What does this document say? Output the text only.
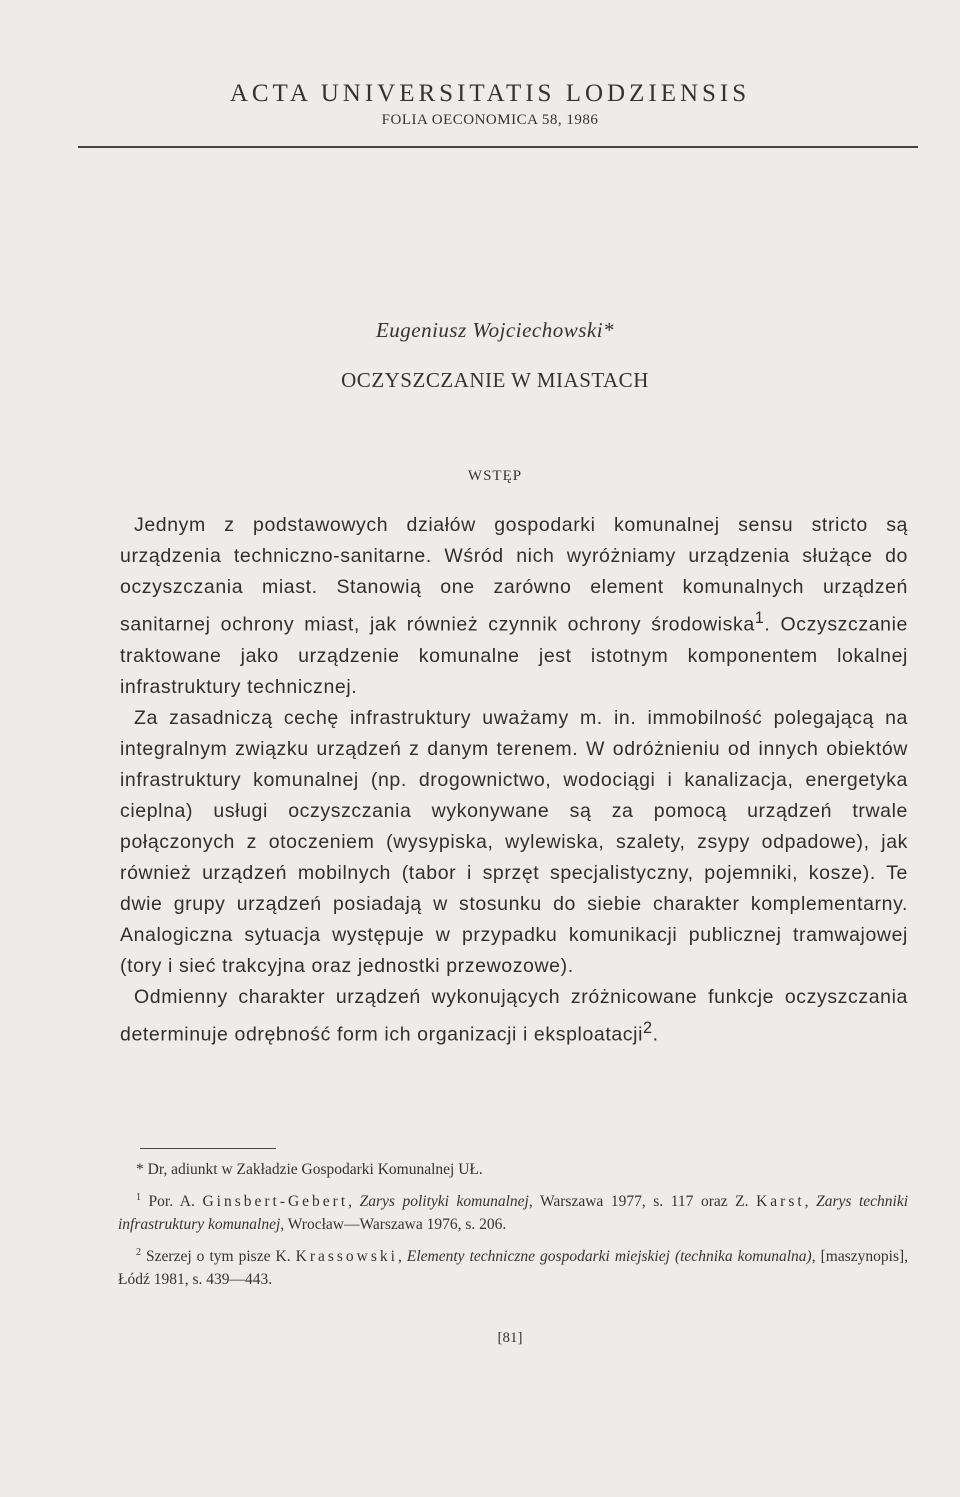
ACTA UNIVERSITATIS LODZIENSIS
FOLIA OECONOMICA 58, 1986
Eugeniusz Wojciechowski*
OCZYSZCZANIE W MIASTACH
WSTĘP

Jednym z podstawowych działów gospodarki komunalnej sensu stricto są urządzenia techniczno-sanitarne. Wśród nich wyróżniamy urządzenia służące do oczyszczania miast. Stanowią one zarówno element komunalnych urządzeń sanitarnej ochrony miast, jak również czynnik ochrony środowiska$^1$. Oczyszczanie traktowane jako urządzenie komunalne jest istotnym komponentem lokalnej infrastruktury technicznej.

Za zasadniczą cechę infrastruktury uważamy m. in. immobilność polegającą na integralnym związku urządzeń z danym terenem. W odróżnieniu od innych obiektów infrastruktury komunalnej (np. drogownictwo, wodociągi i kanalizacja, energetyka cieplna) usługi oczyszczania wykonywane są za pomocą urządzeń trwale połączonych z otoczeniem (wysypiska, wylewiska, szalety, zsypy odpadowe), jak również urządzeń mobilnych (tabor i sprzęt specjalistyczny, pojemniki, kosze). Te dwie grupy urządzeń posiadają w stosunku do siebie charakter komplementarny. Analogiczna sytuacja występuje w przypadku komunikacji publicznej tramwajowej (tory i sieć trakcyjna oraz jednostki przewozowe).

Odmienny charakter urządzeń wykonujących zróżnicowane funkcje oczyszczania determinuje odrębność form ich organizacji i eksploatacji$^2$.

* Dr, adiunkt w Zakładzie Gospodarki Komunalnej UŁ.

$^1$ Por. A. Ginsbert-Gebert, Zarys polityki komunalnej, Warszawa 1977, s. 117 oraz Z. Karst, Zarys techniki infrastruktury komunalnej, Wrocław—Warszawa 1976, s. 206.

$^2$ Szerzej o tym pisze K. Krassowski, Elementy techniczne gospodarki miejskiej (technika komunalna), [maszynopis], Łódź 1981, s. 439—443.

[81]
